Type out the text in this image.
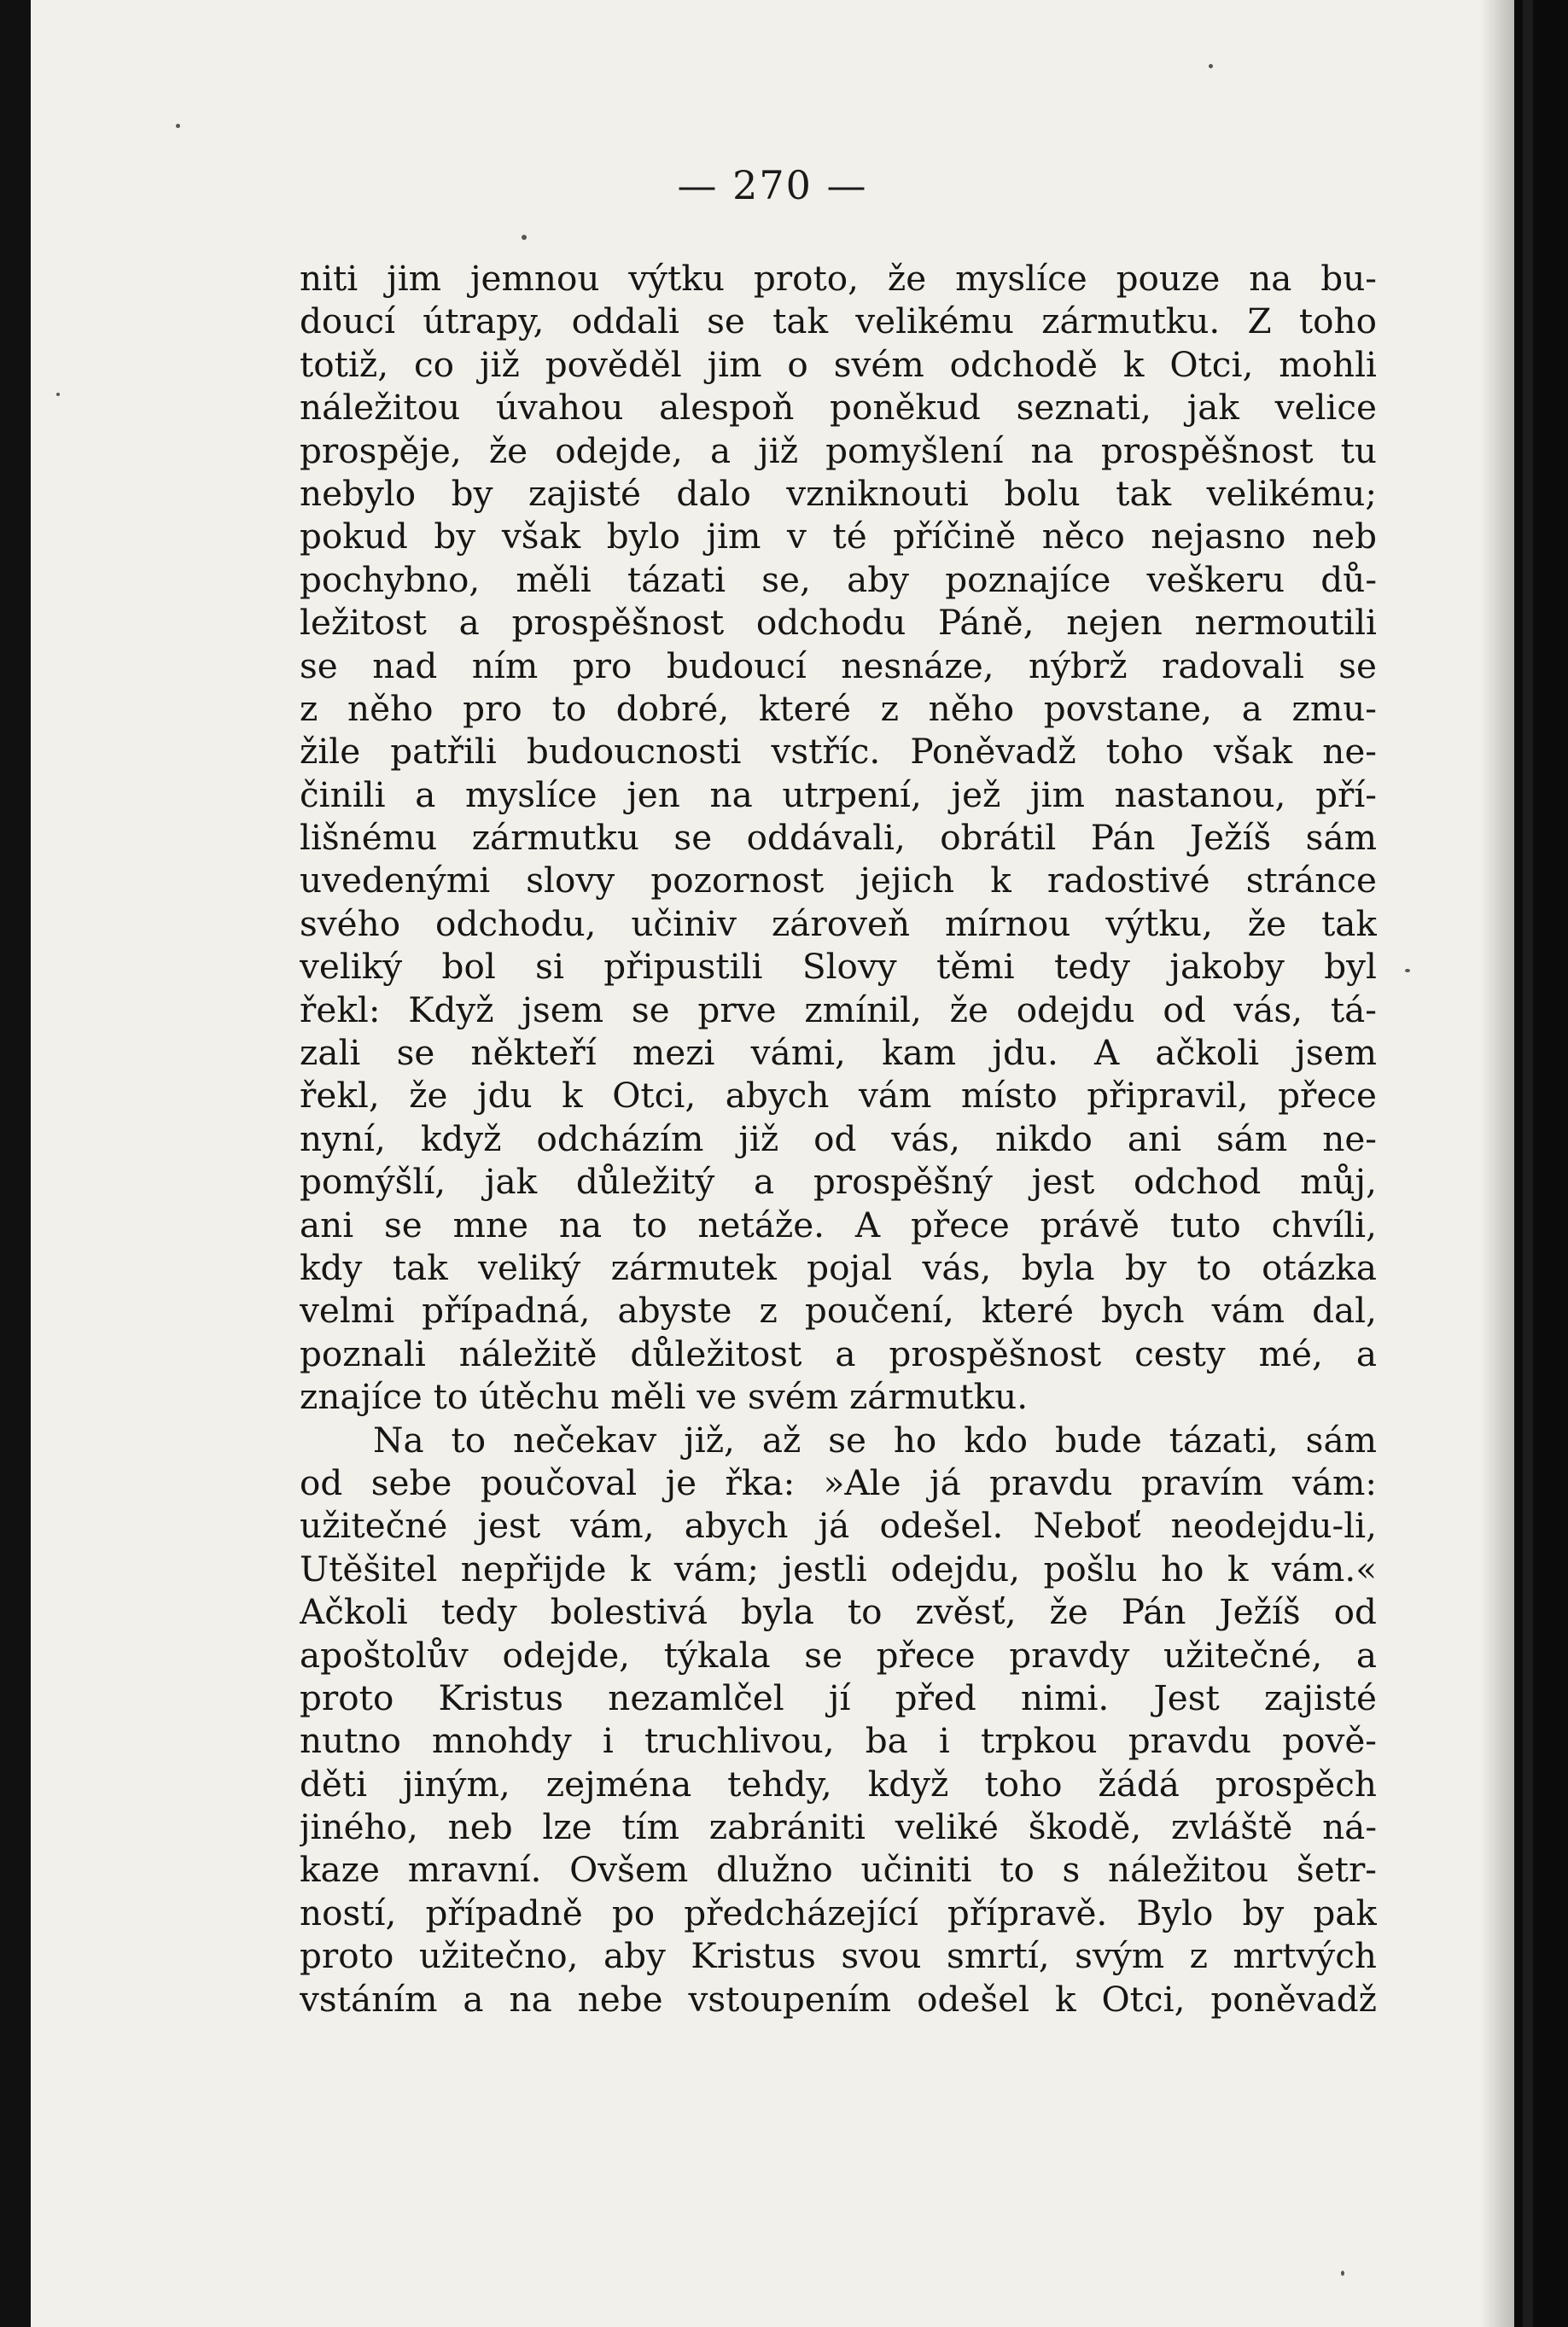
— 270 —
niti jim jemnou výtku proto, že myslíce pouze na bu-
doucí útrapy, oddali se tak velikému zármutku. Z toho
totiž, co již pověděl jim o svém odchodě k Otci, mohli
náležitou úvahou alespoň poněkud seznati, jak velice
prospěje, že odejde, a již pomyšlení na prospěšnost tu
nebylo by zajisté dalo vzniknouti bolu tak velikému;
pokud by však bylo jim v té příčině něco nejasno neb
pochybno, měli tázati se, aby poznajíce veškeru dů-
ležitost a prospěšnost odchodu Páně, nejen nermoutili
se nad ním pro budoucí nesnáze, nýbrž radovali se
z něho pro to dobré, které z něho povstane, a zmu-
žile patřili budoucnosti vstříc. Poněvadž toho však ne-
činili a myslíce jen na utrpení, jež jim nastanou, pří-
lišnému zármutku se oddávali, obrátil Pán Ježíš sám
uvedenými slovy pozornost jejich k radostivé stránce
svého odchodu, učiniv zároveň mírnou výtku, že tak
veliký bol si připustili Slovy těmi tedy jakoby byl
řekl: Když jsem se prve zmínil, že odejdu od vás, tá-
zali se někteří mezi vámi, kam jdu. A ačkoli jsem
řekl, že jdu k Otci, abych vám místo připravil, přece
nyní, když odcházím již od vás, nikdo ani sám ne-
pomýšlí, jak důležitý a prospěšný jest odchod můj,
ani se mne na to netáže. A přece právě tuto chvíli,
kdy tak veliký zármutek pojal vás, byla by to otázka
velmi případná, abyste z poučení, které bych vám dal,
poznali náležitě důležitost a prospěšnost cesty mé, a
znajíce to útěchu měli ve svém zármutku.
Na to nečekav již, až se ho kdo bude tázati, sám
od sebe poučoval je řka: »Ale já pravdu pravím vám:
užitečné jest vám, abych já odešel. Neboť neodejdu-li,
Utěšitel nepřijde k vám; jestli odejdu, pošlu ho k vám.«
Ačkoli tedy bolestivá byla to zvěsť, že Pán Ježíš od
apoštolův odejde, týkala se přece pravdy užitečné, a
proto Kristus nezamlčel jí před nimi. Jest zajisté
nutno mnohdy i truchlivou, ba i trpkou pravdu pově-
děti jiným, zejména tehdy, když toho žádá prospěch
jiného, neb lze tím zabrániti veliké škodě, zvláště ná-
kaze mravní. Ovšem dlužno učiniti to s náležitou šetr-
ností, případně po předcházející přípravě. Bylo by pak
proto užitečno, aby Kristus svou smrtí, svým z mrtvých
vstáním a na nebe vstoupením odešel k Otci, poněvadž
